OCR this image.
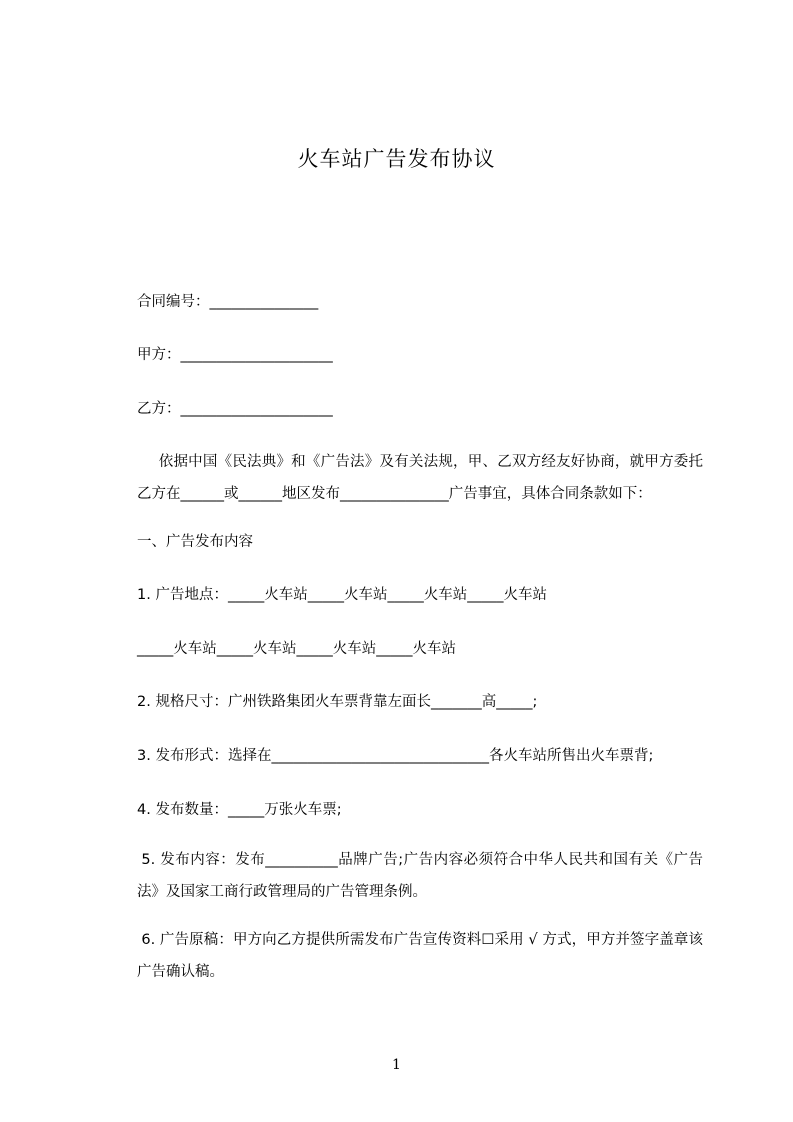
火车站广告发布协议
合同编号：_______________
甲方：_____________________
乙方：_____________________
依据中国《民法典》和《广告法》及有关法规，甲、乙双方经友好协商，就甲方委托乙方在______或______地区发布_______________广告事宜，具体合同条款如下：
一、广告发布内容
1. 广告地点：_____火车站_____火车站_____火车站_____火车站
_____火车站_____火车站_____火车站_____火车站
2. 规格尺寸：广州铁路集团火车票背靠左面长_______高_____;
3. 发布形式：选择在______________________________各火车站所售出火车票背;
4. 发布数量：_____万张火车票;
5. 发布内容：发布__________品牌广告;广告内容必须符合中华人民共和国有关《广告法》及国家工商行政管理局的广告管理条例。
6. 广告原稿：甲方向乙方提供所需发布广告宣传资料☐采用 √ 方式，甲方并签字盖章该广告确认稿。
1
